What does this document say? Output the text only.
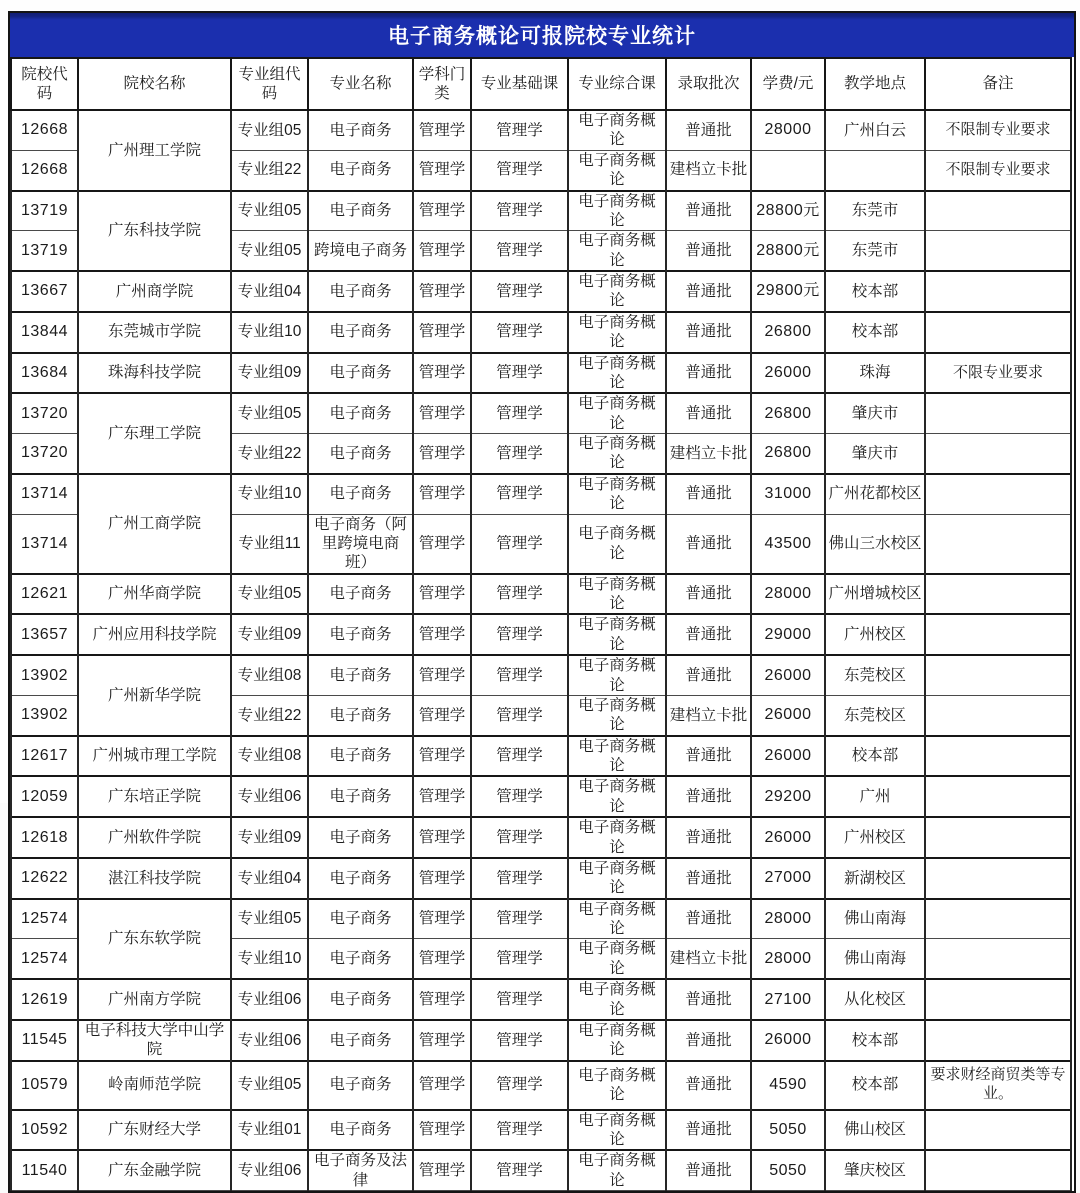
电子商务概论可报院校专业统计
院校代码	院校名称	专业组代码	专业名称	学科门类	专业基础课	专业综合课	录取批次	学费/元	教学地点	备注
12668	广州理工学院	专业组05	电子商务	管理学	管理学	电子商务概论	普通批	28000	广州白云	不限制专业要求
12668		专业组22	电子商务	管理学	管理学	电子商务概论	建档立卡批			不限制专业要求
13719	广东科技学院	专业组05	电子商务	管理学	管理学	电子商务概论	普通批	28800元	东莞市	
13719		专业组05	跨境电子商务	管理学	管理学	电子商务概论	普通批	28800元	东莞市	
13667	广州商学院	专业组04	电子商务	管理学	管理学	电子商务概论	普通批	29800元	校本部	
13844	东莞城市学院	专业组10	电子商务	管理学	管理学	电子商务概论	普通批	26800	校本部	
13684	珠海科技学院	专业组09	电子商务	管理学	管理学	电子商务概论	普通批	26000	珠海	不限专业要求
13720	广东理工学院	专业组05	电子商务	管理学	管理学	电子商务概论	普通批	26800	肇庆市	
13720		专业组22	电子商务	管理学	管理学	电子商务概论	建档立卡批	26800	肇庆市	
13714	广州工商学院	专业组10	电子商务	管理学	管理学	电子商务概论	普通批	31000	广州花都校区	
13714		专业组11	电子商务（阿里跨境电商班）	管理学	管理学	电子商务概论	普通批	43500	佛山三水校区	
12621	广州华商学院	专业组05	电子商务	管理学	管理学	电子商务概论	普通批	28000	广州增城校区	
13657	广州应用科技学院	专业组09	电子商务	管理学	管理学	电子商务概论	普通批	29000	广州校区	
13902	广州新华学院	专业组08	电子商务	管理学	管理学	电子商务概论	普通批	26000	东莞校区	
13902		专业组22	电子商务	管理学	管理学	电子商务概论	建档立卡批	26000	东莞校区	
12617	广州城市理工学院	专业组08	电子商务	管理学	管理学	电子商务概论	普通批	26000	校本部	
12059	广东培正学院	专业组06	电子商务	管理学	管理学	电子商务概论	普通批	29200	广州	
12618	广州软件学院	专业组09	电子商务	管理学	管理学	电子商务概论	普通批	26000	广州校区	
12622	湛江科技学院	专业组04	电子商务	管理学	管理学	电子商务概论	普通批	27000	新湖校区	
12574	广东东软学院	专业组05	电子商务	管理学	管理学	电子商务概论	普通批	28000	佛山南海	
12574		专业组10	电子商务	管理学	管理学	电子商务概论	建档立卡批	28000	佛山南海	
12619	广州南方学院	专业组06	电子商务	管理学	管理学	电子商务概论	普通批	27100	从化校区	
11545	电子科技大学中山学院	专业组06	电子商务	管理学	管理学	电子商务概论	普通批	26000	校本部	
10579	岭南师范学院	专业组05	电子商务	管理学	管理学	电子商务概论	普通批	4590	校本部	要求财经商贸类等专业。
10592	广东财经大学	专业组01	电子商务	管理学	管理学	电子商务概论	普通批	5050	佛山校区	
11540	广东金融学院	专业组06	电子商务及法律	管理学	管理学	电子商务概论	普通批	5050	肇庆校区	
